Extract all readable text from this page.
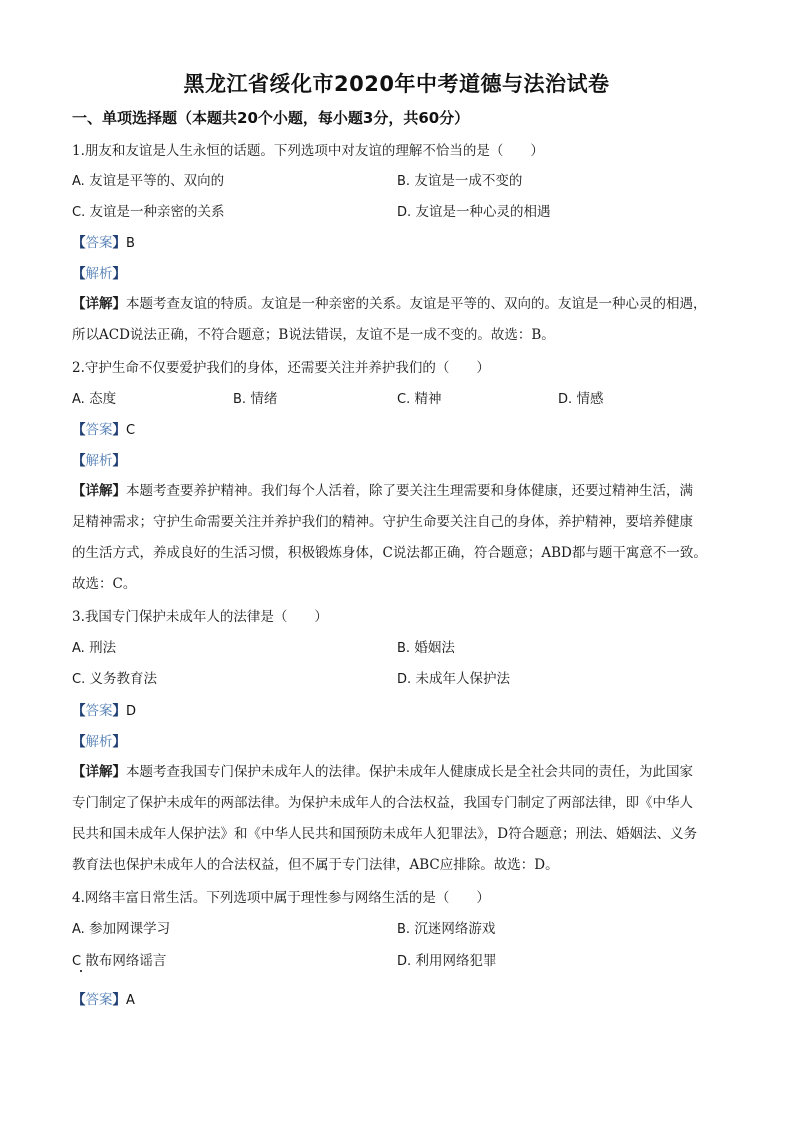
黑龙江省绥化市2020年中考道德与法治试卷
一、单项选择题（本题共20个小题，每小题3分，共60分）
1.朋友和友谊是人生永恒的话题。下列选项中对友谊的理解不恰当的是（　　）
A. 友谊是平等的、双向的	B. 友谊是一成不变的
C. 友谊是一种亲密的关系	D. 友谊是一种心灵的相遇
【答案】B
【解析】
【详解】本题考查友谊的特质。友谊是一种亲密的关系。友谊是平等的、双向的。友谊是一种心灵的相遇，
所以ACD说法正确，不符合题意；B说法错误，友谊不是一成不变的。故选：B。
2.守护生命不仅要爱护我们的身体，还需要关注并养护我们的（　　）
A. 态度	B. 情绪	C. 精神	D. 情感
【答案】C
【解析】
【详解】本题考查要养护精神。我们每个人活着，除了要关注生理需要和身体健康，还要过精神生活，满
足精神需求；守护生命需要关注并养护我们的精神。守护生命要关注自己的身体，养护精神，要培养健康
的生活方式，养成良好的生活习惯，积极锻炼身体，C说法都正确，符合题意；ABD都与题干寓意不一致。
故选：C。
3.我国专门保护未成年人的法律是（　　）
A. 刑法	B. 婚姻法
C. 义务教育法	D. 未成年人保护法
【答案】D
【解析】
【详解】本题考查我国专门保护未成年人的法律。保护未成年人健康成长是全社会共同的责任，为此国家
专门制定了保护未成年的两部法律。为保护未成年人的合法权益，我国专门制定了两部法律，即《中华人
民共和国未成年人保护法》和《中华人民共和国预防未成年人犯罪法》，D符合题意；刑法、婚姻法、义务
教育法也保护未成年人的合法权益，但不属于专门法律，ABC应排除。故选：D。
4.网络丰富日常生活。下列选项中属于理性参与网络生活的是（　　）
A. 参加网课学习	B. 沉迷网络游戏
C 散布网络谣言	D. 利用网络犯罪
【答案】A
